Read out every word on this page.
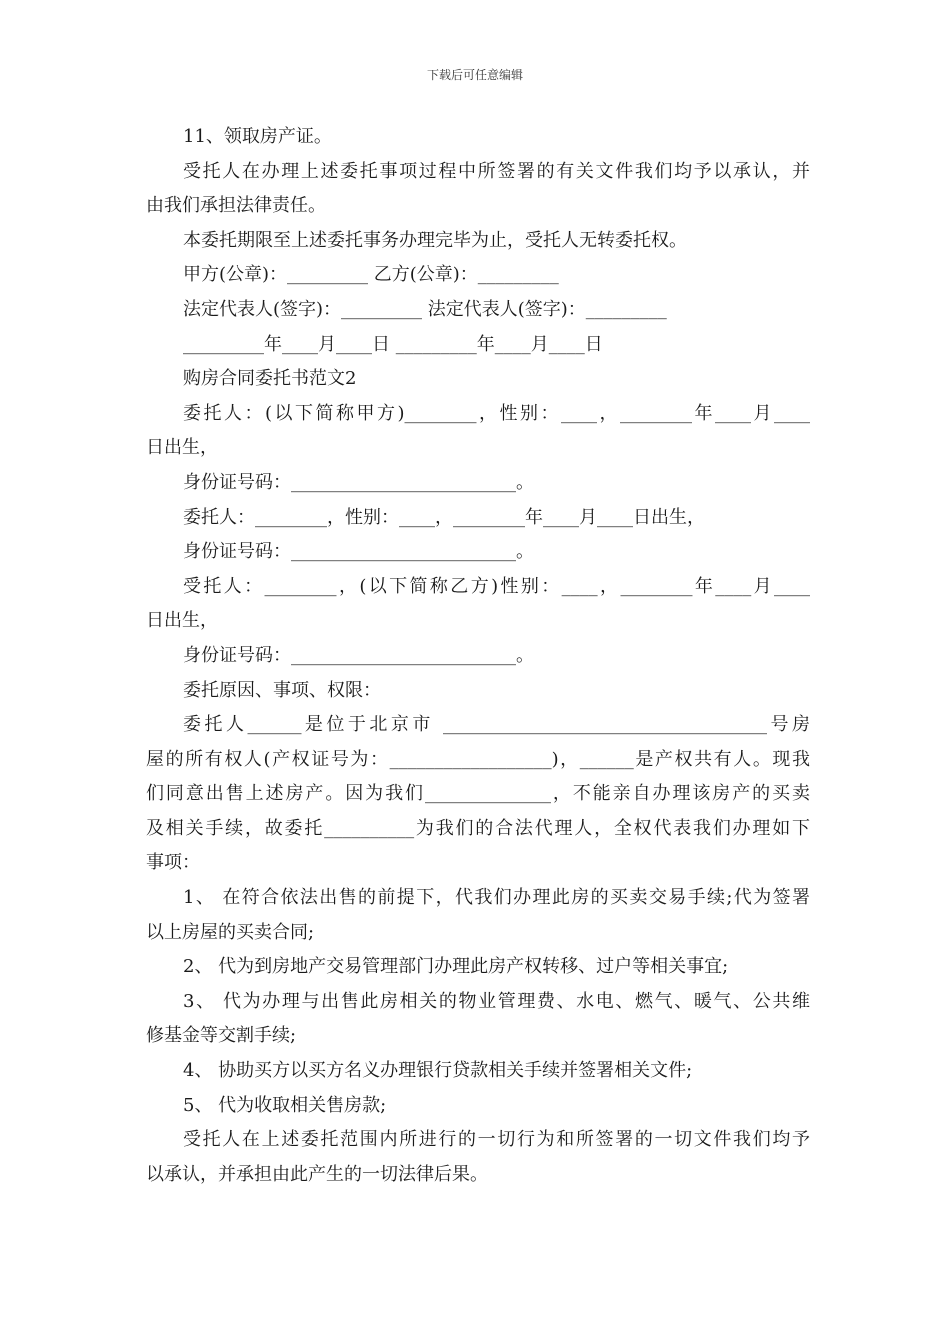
下载后可任意编辑
11、领取房产证。
受托人在办理上述委托事项过程中所签署的有关文件我们均予以承认，并
由我们承担法律责任。
本委托期限至上述委托事务办理完毕为止，受托人无转委托权。
甲方(公章)：_________ 乙方(公章)：_________
法定代表人(签字)：_________ 法定代表人(签字)：_________
_________年____月____日 _________年____月____日
购房合同委托书范文2
委托人：(以下简称甲方)________，性别：____，________年____月____
日出生，
身份证号码：_________________________。
委托人：________，性别：____，________年____月____日出生，
身份证号码：_________________________。
受托人：________，(以下简称乙方)性别：____，________年____月____
日出生，
身份证号码：_________________________。
委托原因、事项、权限：
委托人______是位于北京市 ____________________________________号房
屋的所有权人(产权证号为：__________________)，______是产权共有人。现我
们同意出售上述房产。因为我们______________，不能亲自办理该房产的买卖
及相关手续，故委托__________为我们的合法代理人，全权代表我们办理如下
事项：
1、 在符合依法出售的前提下，代我们办理此房的买卖交易手续;代为签署
以上房屋的买卖合同;
2、 代为到房地产交易管理部门办理此房产权转移、过户等相关事宜;
3、 代为办理与出售此房相关的物业管理费、水电、燃气、暖气、公共维
修基金等交割手续;
4、 协助买方以买方名义办理银行贷款相关手续并签署相关文件;
5、 代为收取相关售房款;
受托人在上述委托范围内所进行的一切行为和所签署的一切文件我们均予
以承认，并承担由此产生的一切法律后果。
